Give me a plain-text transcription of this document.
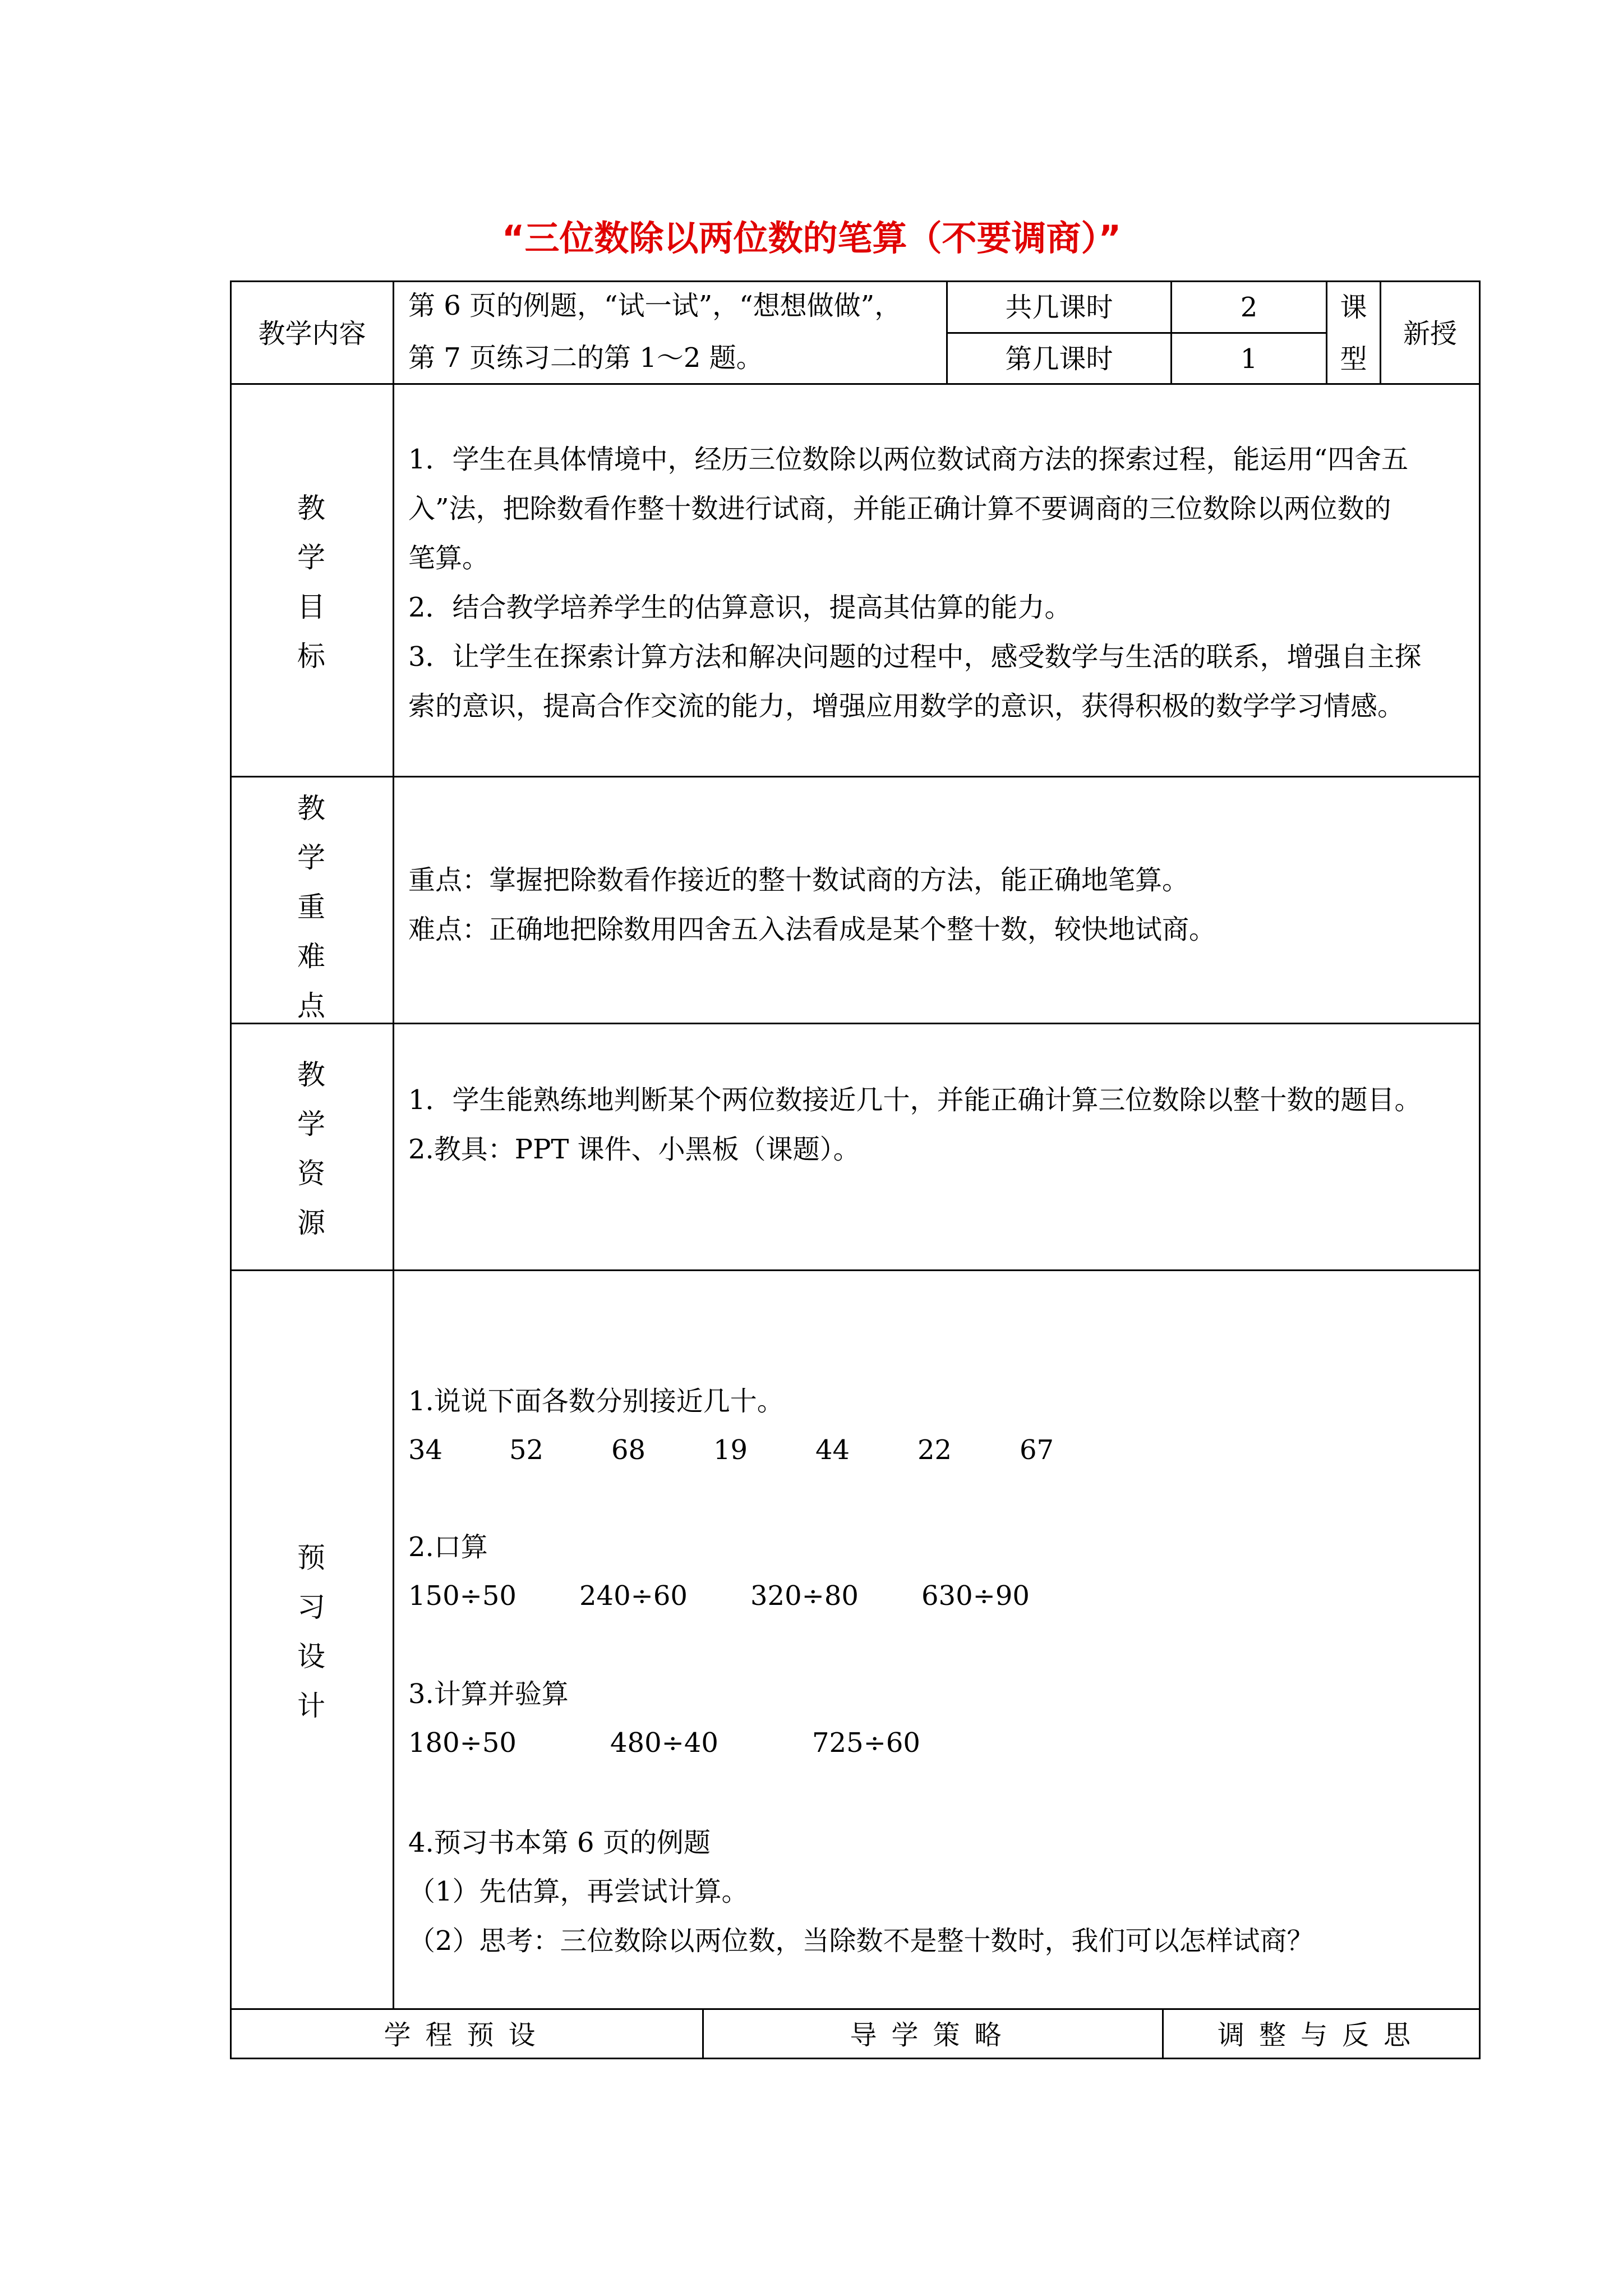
“三位数除以两位数的笔算（不要调商）”
教学内容
第 6 页的例题，“试一试”，“想想做做”，
第 7 页练习二的第 1～2 题。
共几课时	2
第几课时	1
课
型
新授
教
学
目
标

1．学生在具体情境中，经历三位数除以两位数试商方法的探索过程，能运用“四舍五

入”法，把除数看作整十数进行试商，并能正确计算不要调商的三位数除以两位数的

笔算。

2．结合教学培养学生的估算意识，提高其估算的能力。

3．让学生在探索计算方法和解决问题的过程中，感受数学与生活的联系，增强自主探

索的意识，提高合作交流的能力，增强应用数学的意识，获得积极的数学学习情感。

教
学
重
难
点

重点：掌握把除数看作接近的整十数试商的方法，能正确地笔算。

难点：正确地把除数用四舍五入法看成是某个整十数，较快地试商。

教
学
资
源

1．学生能熟练地判断某个两位数接近几十，并能正确计算三位数除以整十数的题目。

2.教具：PPT 课件、小黑板（课题）。

预
习
设
计
1.说说下面各数分别接近几十。
34 52	68	19	44	22	67
2.口算
150÷50 240÷60 320÷80 630÷90
3.计算并验算
180÷50	480÷40	725÷60
4.预习书本第 6 页的例题
（1）先估算，再尝试计算。
（2）思考：三位数除以两位数，当除数不是整十数时，我们可以怎样试商？
学程预设	导学策略	调整与反思
